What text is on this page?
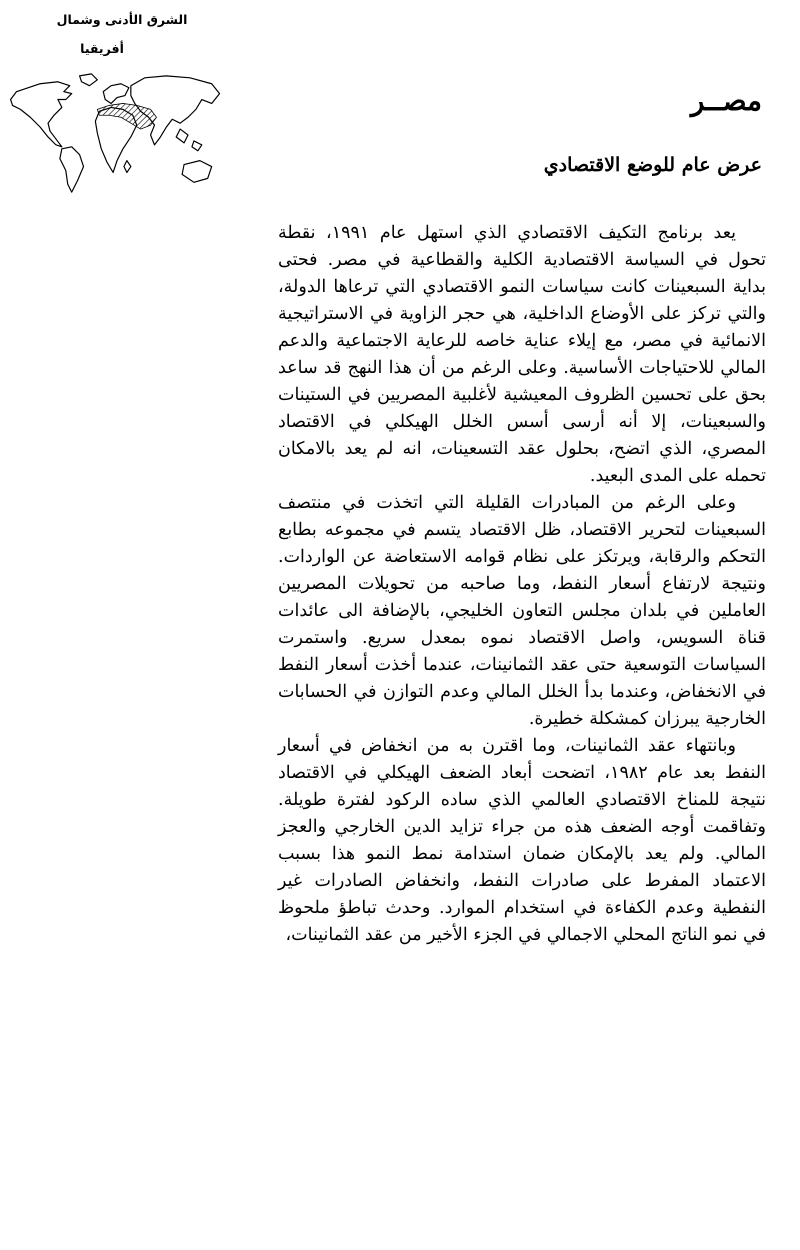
الشرق الأدنى وشمال
أفريقيا
مصــر
عرض عام للوضع الاقتصادي

يعد برنامج التكيف الاقتصادي الذي استهل عام ١٩٩١، نقطة تحول في السياسة الاقتصادية الكلية والقطاعية في مصر. فحتى بداية السبعينات كانت سياسات النمو الاقتصادي التي ترعاها الدولة، والتي تركز على الأوضاع الداخلية، هي حجر الزاوية في الاستراتيجية الانمائية في مصر، مع إيلاء عناية خاصه للرعاية الاجتماعية والدعم المالي للاحتياجات الأساسية. وعلى الرغم من أن هذا النهج قد ساعد بحق على تحسين الظروف المعيشية لأغلبية المصريين في الستينات والسبعينات، إلا أنه أرسى أسس الخلل الهيكلي في الاقتصاد المصري، الذي اتضح، بحلول عقد التسعينات، انه لم يعد بالامكان تحمله على المدى البعيد.

وعلى الرغم من المبادرات القليلة التي اتخذت في منتصف السبعينات لتحرير الاقتصاد، ظل الاقتصاد يتسم في مجموعه بطابع التحكم والرقابة، ويرتكز على نظام قوامه الاستعاضة عن الواردات. ونتيجة لارتفاع أسعار النفط، وما صاحبه من تحويلات المصريين العاملين في بلدان مجلس التعاون الخليجي، بالإضافة الى عائدات قناة السويس، واصل الاقتصاد نموه بمعدل سريع. واستمرت السياسات التوسعية حتى عقد الثمانينات، عندما أخذت أسعار النفط في الانخفاض، وعندما بدأ الخلل المالي وعدم التوازن في الحسابات الخارجية يبرزان كمشكلة خطيرة.

وبانتهاء عقد الثمانينات، وما اقترن به من انخفاض في أسعار النفط بعد عام ١٩٨٢، اتضحت أبعاد الضعف الهيكلي في الاقتصاد نتيجة للمناخ الاقتصادي العالمي الذي ساده الركود لفترة طويلة. وتفاقمت أوجه الضعف هذه من جراء تزايد الدين الخارجي والعجز المالي. ولم يعد بالإمكان ضمان استدامة نمط النمو هذا بسبب الاعتماد المفرط على صادرات النفط، وانخفاض الصادرات غير النفطية وعدم الكفاءة في استخدام الموارد. وحدث تباطؤ ملحوظ في نمو الناتج المحلي الاجمالي في الجزء الأخير من عقد الثمانينات،
